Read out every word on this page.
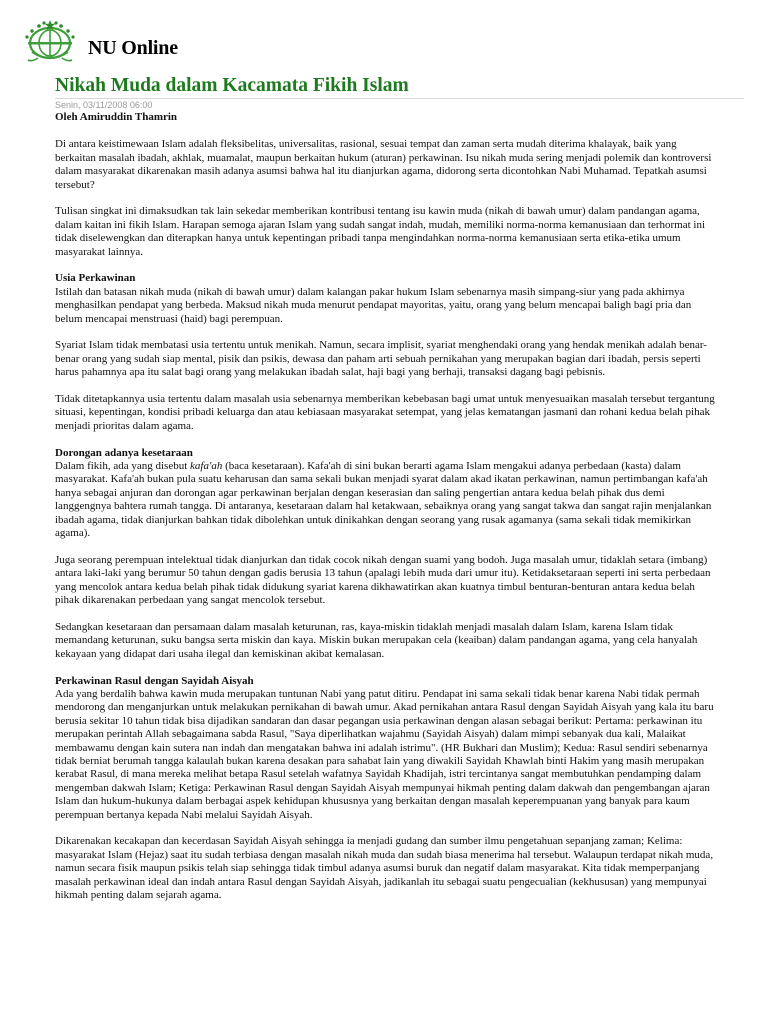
NU Online
Nikah Muda dalam Kacamata Fikih Islam
Senin, 03/11/2008 06:00
Oleh Amiruddin Thamrin

Di antara keistimewaan Islam adalah fleksibelitas, universalitas, rasional, sesuai tempat dan zaman serta mudah diterima khalayak, baik yang berkaitan masalah ibadah, akhlak, muamalat, maupun berkaitan hukum (aturan) perkawinan. Isu nikah muda sering menjadi polemik dan kontroversi dalam masyarakat dikarenakan masih adanya asumsi bahwa hal itu dianjurkan agama, didorong serta dicontohkan Nabi Muhamad. Tepatkah asumsi tersebut?

Tulisan singkat ini dimaksudkan tak lain sekedar memberikan kontribusi tentang isu kawin muda (nikah di bawah umur) dalam pandangan agama, dalam kaitan ini fikih Islam. Harapan semoga ajaran Islam yang sudah sangat indah, mudah, memiliki norma-norma kemanusiaan dan terhormat ini tidak diselewengkan dan diterapkan hanya untuk kepentingan pribadi tanpa mengindahkan norma-norma kemanusiaan serta etika-etika umum masyarakat lainnya.

Usia Perkawinan

Istilah dan batasan nikah muda (nikah di bawah umur) dalam kalangan pakar hukum Islam sebenarnya masih simpang-siur yang pada akhirnya menghasilkan pendapat yang berbeda. Maksud nikah muda menurut pendapat mayoritas, yaitu, orang yang belum mencapai baligh bagi pria dan belum mencapai menstruasi (haid) bagi perempuan.

Syariat Islam tidak membatasi usia tertentu untuk menikah. Namun, secara implisit, syariat menghendaki orang yang hendak menikah adalah benar-benar orang yang sudah siap mental, pisik dan psikis, dewasa dan paham arti sebuah pernikahan yang merupakan bagian dari ibadah, persis seperti harus pahamnya apa itu salat bagi orang yang melakukan ibadah salat, haji bagi yang berhaji, transaksi dagang bagi pebisnis.

Tidak ditetapkannya usia tertentu dalam masalah usia sebenarnya memberikan kebebasan bagi umat untuk menyesuaikan masalah tersebut tergantung situasi, kepentingan, kondisi pribadi keluarga dan atau kebiasaan masyarakat setempat, yang jelas kematangan jasmani dan rohani kedua belah pihak menjadi prioritas dalam agama.

Dorongan adanya kesetaraan

Dalam fikih, ada yang disebut kafa'ah (baca kesetaraan). Kafa'ah di sini bukan berarti agama Islam mengakui adanya perbedaan (kasta) dalam masyarakat. Kafa'ah bukan pula suatu keharusan dan sama sekali bukan menjadi syarat dalam akad ikatan perkawinan, namun pertimbangan kafa'ah hanya sebagai anjuran dan dorongan agar perkawinan berjalan dengan keserasian dan saling pengertian antara kedua belah pihak dus demi langgengnya bahtera rumah tangga. Di antaranya, kesetaraan dalam hal ketakwaan, sebaiknya orang yang sangat takwa dan sangat rajin menjalankan ibadah agama, tidak dianjurkan bahkan tidak dibolehkan untuk dinikahkan dengan seorang yang rusak agamanya (sama sekali tidak memikirkan agama).

Juga seorang perempuan intelektual tidak dianjurkan dan tidak cocok nikah dengan suami yang bodoh. Juga masalah umur, tidaklah setara (imbang) antara laki-laki yang berumur 50 tahun dengan gadis berusia 13 tahun (apalagi lebih muda dari umur itu). Ketidaksetaraan seperti ini serta perbedaan yang mencolok antara kedua belah pihak tidak didukung syariat karena dikhawatirkan akan kuatnya timbul benturan-benturan antara kedua belah pihak dikarenakan perbedaan yang sangat mencolok tersebut.

Sedangkan kesetaraan dan persamaan dalam masalah keturunan, ras, kaya-miskin tidaklah menjadi masalah dalam Islam, karena Islam tidak memandang keturunan, suku bangsa serta miskin dan kaya. Miskin bukan merupakan cela (keaiban) dalam pandangan agama, yang cela hanyalah kekayaan yang didapat dari usaha ilegal dan kemiskinan akibat kemalasan.

Perkawinan Rasul dengan Sayidah Aisyah

Ada yang berdalih bahwa kawin muda merupakan tuntunan Nabi yang patut ditiru. Pendapat ini sama sekali tidak benar karena Nabi tidak permah mendorong dan menganjurkan untuk melakukan pernikahan di bawah umur. Akad pernikahan antara Rasul dengan Sayidah Aisyah yang kala itu baru berusia sekitar 10 tahun tidak bisa dijadikan sandaran dan dasar pegangan usia perkawinan dengan alasan sebagai berikut: Pertama: perkawinan itu merupakan perintah Allah sebagaimana sabda Rasul, "Saya diperlihatkan wajahmu (Sayidah Aisyah) dalam mimpi sebanyak dua kali, Malaikat membawamu dengan kain sutera nan indah dan mengatakan bahwa ini adalah istrimu". (HR Bukhari dan Muslim); Kedua: Rasul sendiri sebenarnya tidak berniat berumah tangga kalaulah bukan karena desakan para sahabat lain yang diwakili Sayidah Khawlah binti Hakim yang masih merupakan kerabat Rasul, di mana mereka melihat betapa Rasul setelah wafatnya Sayidah Khadijah, istri tercintanya sangat membutuhkan pendamping dalam mengemban dakwah Islam; Ketiga: Perkawinan Rasul dengan Sayidah Aisyah mempunyai hikmah penting dalam dakwah dan pengembangan ajaran Islam dan hukum-hukunya dalam berbagai aspek kehidupan khususnya yang berkaitan dengan masalah keperempuanan yang banyak para kaum perempuan bertanya kepada Nabi melalui Sayidah Aisyah.

Dikarenakan kecakapan dan kecerdasan Sayidah Aisyah sehingga ia menjadi gudang dan sumber ilmu pengetahuan sepanjang zaman; Kelima: masyarakat Islam (Hejaz) saat itu sudah terbiasa dengan masalah nikah muda dan sudah biasa menerima hal tersebut. Walaupun terdapat nikah muda, namun secara fisik maupun psikis telah siap sehingga tidak timbul adanya asumsi buruk dan negatif dalam masyarakat. Kita tidak memperpanjang masalah perkawinan ideal dan indah antara Rasul dengan Sayidah Aisyah, jadikanlah itu sebagai suatu pengecualian (kekhususan) yang mempunyai hikmah penting dalam sejarah agama.
